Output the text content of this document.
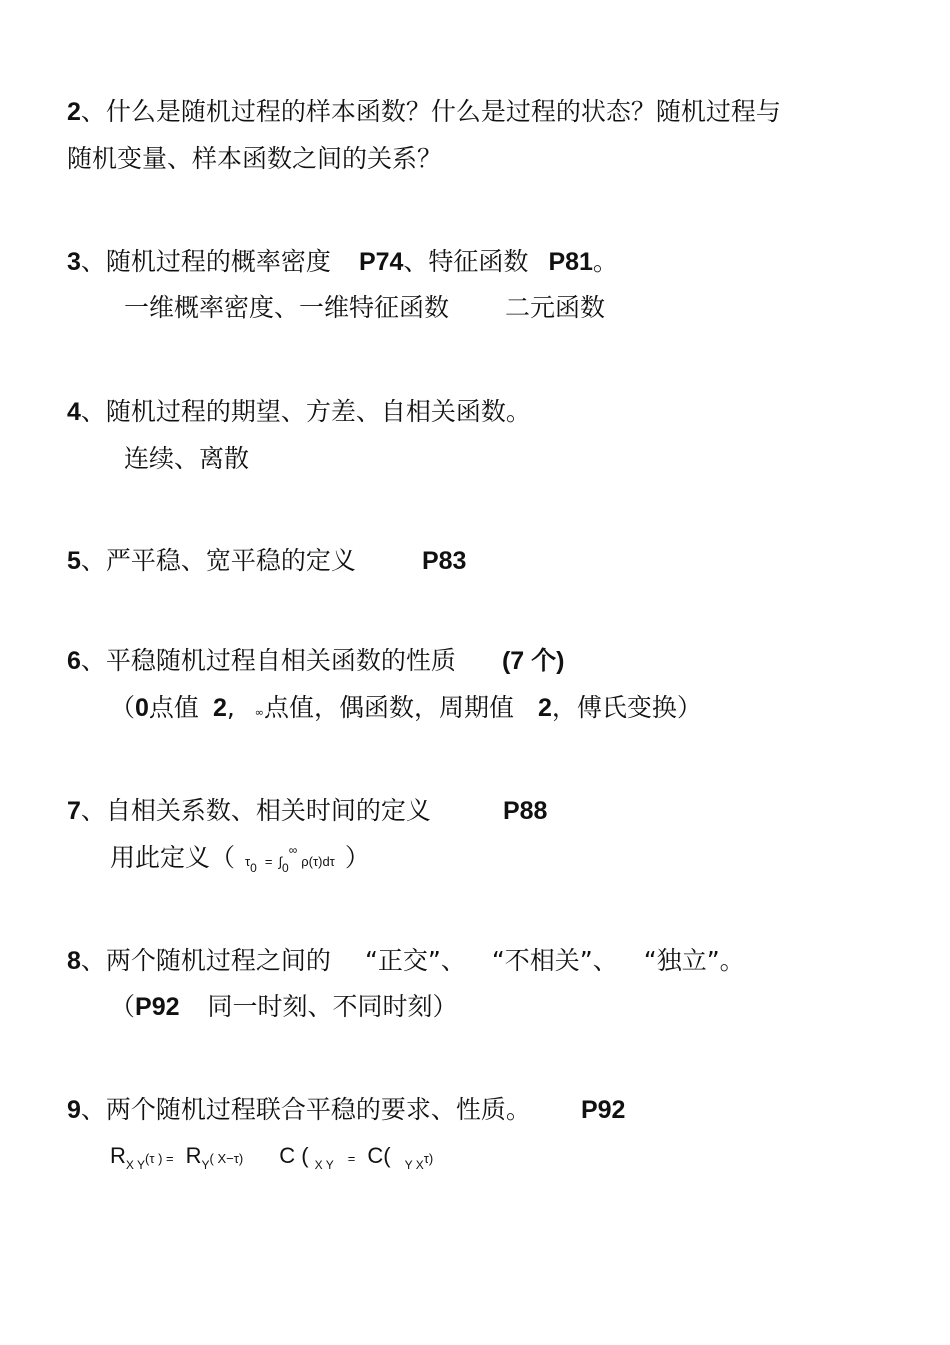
2、什么是随机过程的样本函数？什么是过程的状态？随机过程与
随机变量、样本函数之间的关系？
3、随机过程的概率密度 P74、特征函数 P81。
一维概率密度、一维特征函数 二元函数
4、随机过程的期望、方差、自相关函数。
连续、离散
5、严平稳、宽平稳的定义	P83
6、平稳随机过程自相关函数的性质 (7 个)
（0点值 2, ∞点值，偶函数，周期值 2，傅氏变换）
7、自相关系数、相关时间的定义	P88
用此定义（ $\tau_0 = \int_0^\infty\rho(\tau)d\tau$ ）
8、两个随机过程之间的 “正交”、 “不相关”、 “独立”。
（P92 同一时刻、不同时刻）
9、两个随机过程联合平稳的要求、性质。 P92
$R_{X Y}(\tau$ ) = $R_Y$( X−τ) C ( $_{X Y}$ = C( $_{Y X}$τ)
